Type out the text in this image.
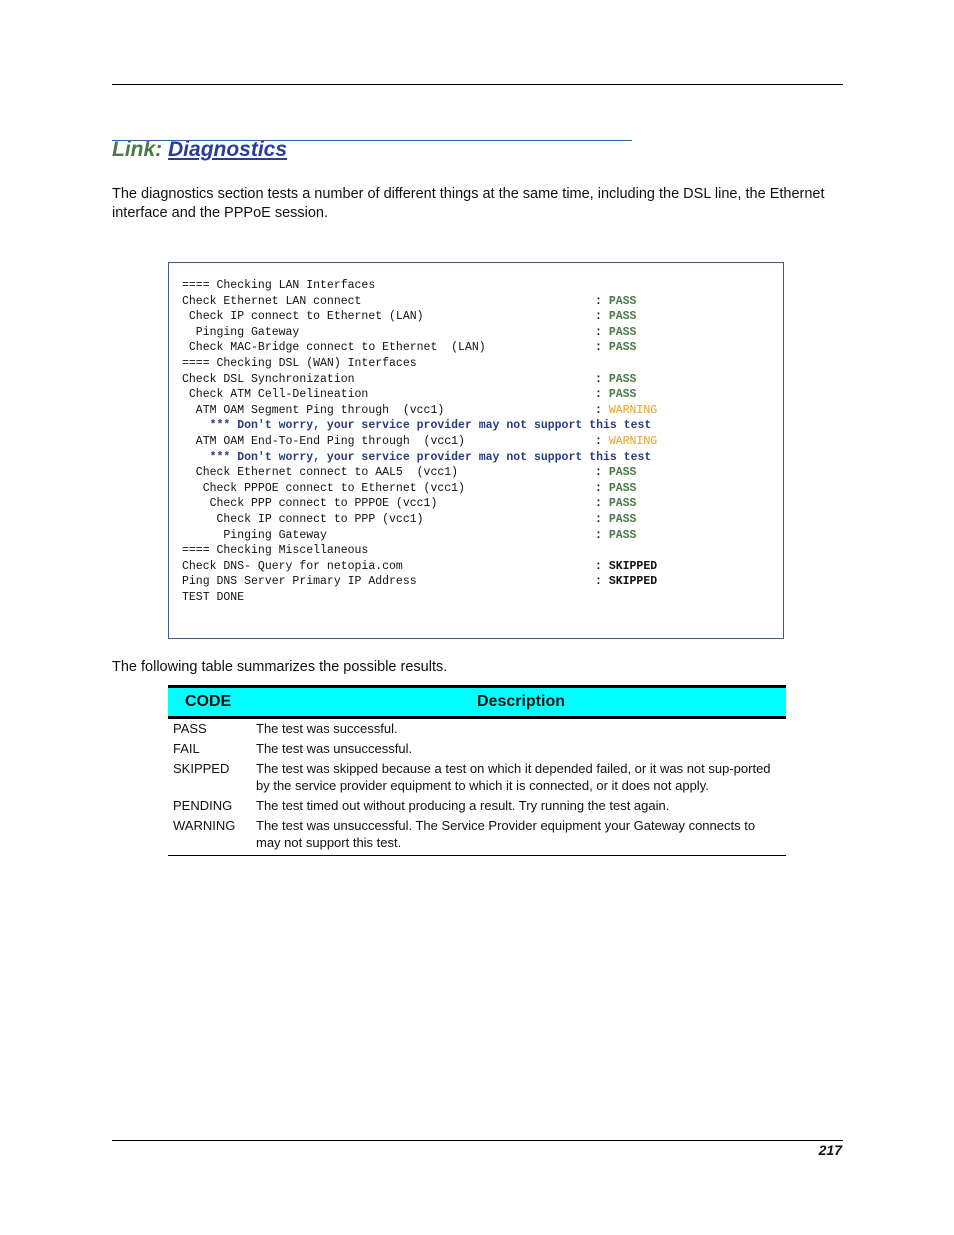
Link: Diagnostics

The diagnostics section tests a number of different things at the same time, including the DSL line, the Ethernet interface and the PPPoE session.

==== Checking LAN Interfaces
Check Ethernet LAN connect	: PASS
Check IP connect to Ethernet (LAN)	: PASS
Pinging Gateway	: PASS
Check MAC-Bridge connect to Ethernet  (LAN)	: PASS
==== Checking DSL (WAN) Interfaces
Check DSL Synchronization	: PASS
Check ATM Cell-Delineation	: PASS
ATM OAM Segment Ping through  (vcc1)	: WARNING
*** Don't worry, your service provider may not support this test
ATM OAM End-To-End Ping through  (vcc1)	: WARNING
*** Don't worry, your service provider may not support this test
Check Ethernet connect to AAL5  (vcc1)	: PASS
Check PPPOE connect to Ethernet (vcc1)	: PASS
Check PPP connect to PPPOE (vcc1)	: PASS
Check IP connect to PPP (vcc1)	: PASS
Pinging Gateway	: PASS
==== Checking Miscellaneous
Check DNS- Query for netopia.com	: SKIPPED
Ping DNS Server Primary IP Address	: SKIPPED
TEST DONE

The following table summarizes the possible results.

CODE	Description
PASS	The test was successful.
FAIL	The test was unsuccessful.
SKIPPED	The test was skipped because a test on which it depended failed, or it was not sup-ported by the service provider equipment to which it is connected, or it does not apply.
PENDING	The test timed out without producing a result. Try running the test again.
WARNING	The test was unsuccessful. The Service Provider equipment your Gateway connects to may not support this test.
217
